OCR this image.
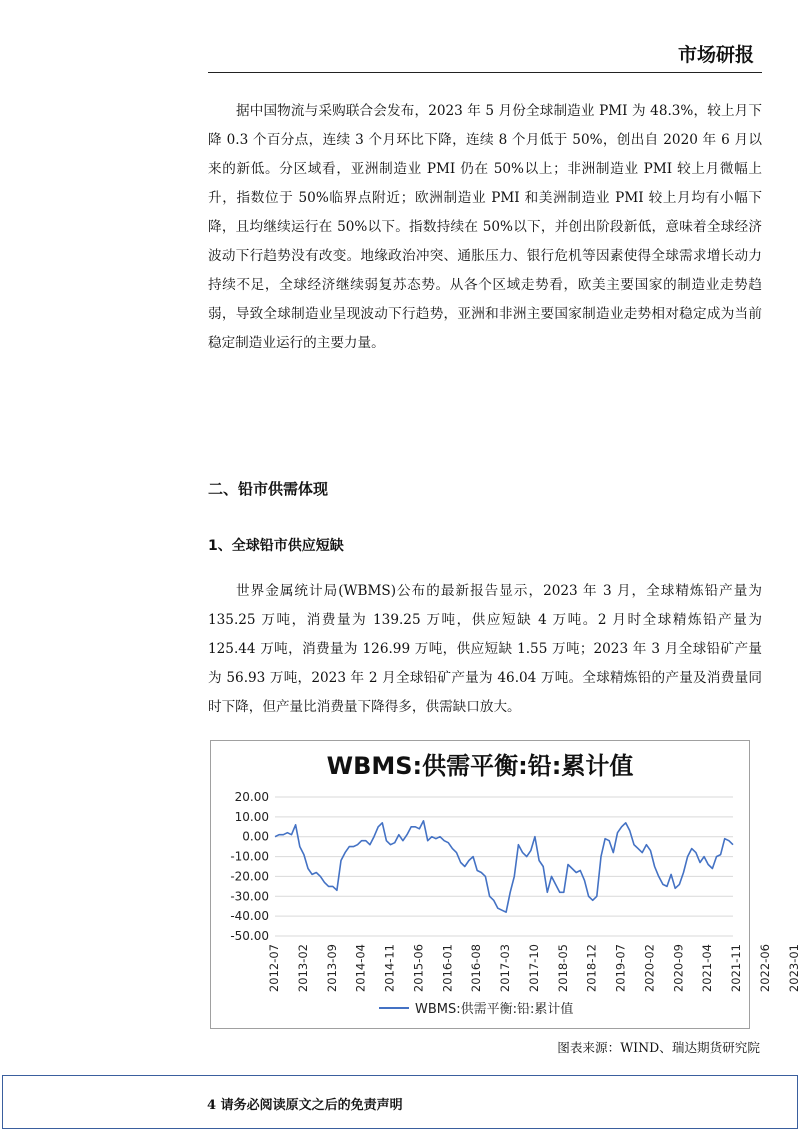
市场研报

据中国物流与采购联合会发布，2023 年 5 月份全球制造业 PMI 为 48.3%，较上月下降 0.3 个百分点，连续 3 个月环比下降，连续 8 个月低于 50%，创出自 2020 年 6 月以来的新低。分区域看，亚洲制造业 PMI 仍在 50%以上；非洲制造业 PMI 较上月微幅上升，指数位于 50%临界点附近；欧洲制造业 PMI 和美洲制造业 PMI 较上月均有小幅下降，且均继续运行在 50%以下。指数持续在 50%以下，并创出阶段新低，意味着全球经济波动下行趋势没有改变。地缘政治冲突、通胀压力、银行危机等因素使得全球需求增长动力持续不足，全球经济继续弱复苏态势。从各个区域走势看，欧美主要国家的制造业走势趋弱，导致全球制造业呈现波动下行趋势，亚洲和非洲主要国家制造业走势相对稳定成为当前稳定制造业运行的主要力量。

二、铅市供需体现
1、全球铅市供应短缺

世界金属统计局(WBMS)公布的最新报告显示，2023 年 3 月，全球精炼铅产量为 135.25 万吨，消费量为 139.25 万吨，供应短缺 4 万吨。2 月时全球精炼铅产量为 125.44 万吨，消费量为 126.99 万吨，供应短缺 1.55 万吨；2023 年 3 月全球铅矿产量为 56.93 万吨，2023 年 2 月全球铅矿产量为 46.04 万吨。全球精炼铅的产量及消费量同时下降，但产量比消费量下降得多，供需缺口放大。

WBMS:供需平衡:铅:累计值
20.00
10.00
0.00
-10.00
-20.00
-30.00
-40.00
-50.00
2012-07 2013-02 2013-09 2014-04 2014-11 2015-06 2016-01 2016-08 2017-03 2017-10 2018-05 2018-12 2019-07 2020-02 2020-09 2021-04 2021-11 2022-06 2023-01
WBMS:供需平衡:铅:累计值
图表来源：WIND、瑞达期货研究院
4 请务必阅读原文之后的免责声明
